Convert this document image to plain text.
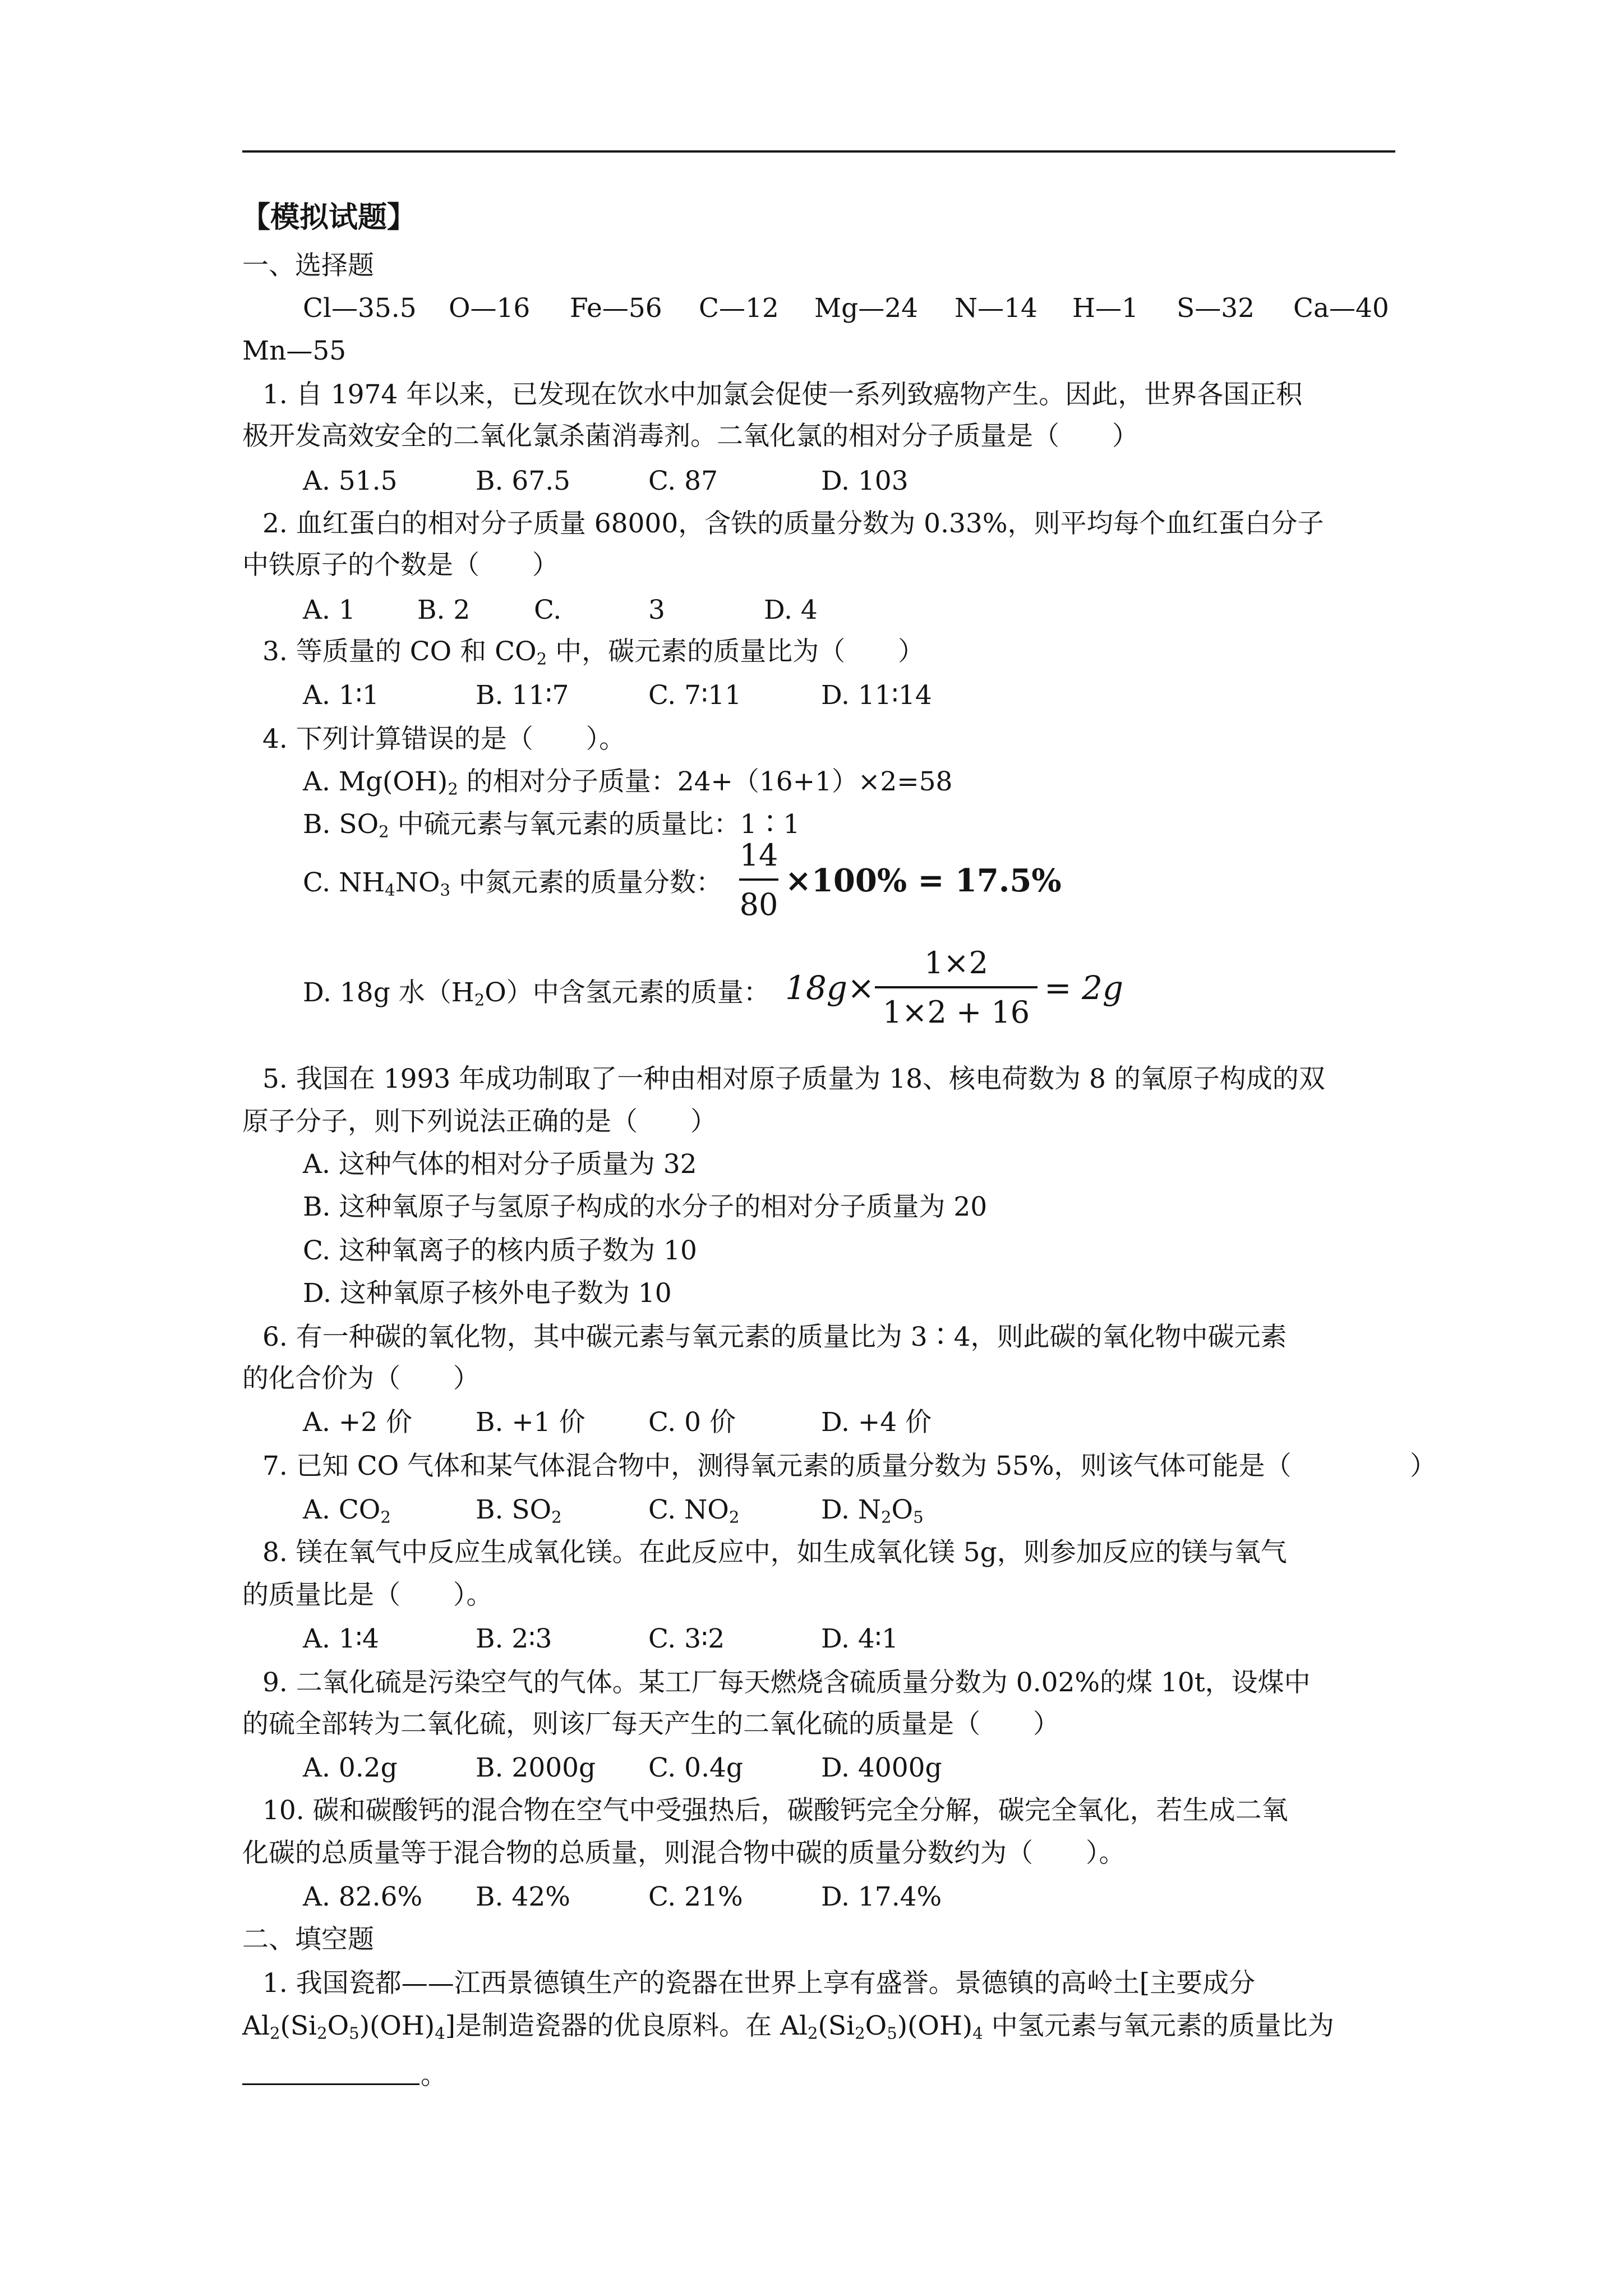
【模拟试题】
一、选择题
Cl—35.5 O—16 Fe—56 C—12 Mg—24 N—14 H—1 S—32 Ca—40
Mn—55
1. 自 1974 年以来，已发现在饮水中加氯会促使一系列致癌物产生。因此，世界各国正积
极开发高效安全的二氧化氯杀菌消毒剂。二氧化氯的相对分子质量是（　　）
A. 51.5	B. 67.5	C. 87	D. 103
2. 血红蛋白的相对分子质量 68000，含铁的质量分数为 0.33%，则平均每个血红蛋白分子
中铁原子的个数是（　　）
A. 1 B. 2 C.	3	D. 4
3. 等质量的 CO 和 $CO_2$ 中，碳元素的质量比为（　　）
A. 1∶1	B. 11∶7	C. 7∶11	D. 11∶14
4. 下列计算错误的是（　　）。
A. $Mg(OH)_2$ 的相对分子质量：24+（16+1）×2=58
B. $SO_2$ 中硫元素与氧元素的质量比：1∶1
C. $NH_4NO_3$ 中氮元素的质量分数：
14
80
×100% = 17.5%
D. 18g 水$(H_2O)$中含氢元素的质量： 18g×
1×2
1×2 + 16
= 2g
5. 我国在 1993 年成功制取了一种由相对原子质量为 18、核电荷数为 8 的氧原子构成的双
原子分子，则下列说法正确的是（　　）
A. 这种气体的相对分子质量为 32
B. 这种氧原子与氢原子构成的水分子的相对分子质量为 20
C. 这种氧离子的核内质子数为 10
D. 这种氧原子核外电子数为 10
6. 有一种碳的氧化物，其中碳元素与氧元素的质量比为 3∶4，则此碳的氧化物中碳元素
的化合价为（　　）
A. +2 价 B. +1 价 C. 0 价	D. +4 价
7. 已知 CO 气体和某气体混合物中，测得氧元素的质量分数为 55%，则该气体可能是（	）
A. $CO_2$	B. $SO_2$	C. $NO_2$	D. $N_2O_5$
8. 镁在氧气中反应生成氧化镁。在此反应中，如生成氧化镁 5g，则参加反应的镁与氧气
的质量比是（　　）。
A. 1∶4	B. 2∶3	C. 3∶2	D. 4∶1
9. 二氧化硫是污染空气的气体。某工厂每天燃烧含硫质量分数为 0.02%的煤 10t，设煤中
的硫全部转为二氧化硫，则该厂每天产生的二氧化硫的质量是（　　）
A. 0.2g	B. 2000g C. 0.4g	D. 4000g
10. 碳和碳酸钙的混合物在空气中受强热后，碳酸钙完全分解，碳完全氧化，若生成二氧
化碳的总质量等于混合物的总质量，则混合物中碳的质量分数约为（　　）。
A. 82.6% B. 42%	C. 21%	D. 17.4%
二、填空题
1. 我国瓷都——江西景德镇生产的瓷器在世界上享有盛誉。景德镇的高岭土[主要成分
$Al_2(Si_2O_5)(OH)_4$]是制造瓷器的优良原料。在 $Al_2(Si_2O_5)(OH)_4$ 中氢元素与氧元素的质量比为
。
